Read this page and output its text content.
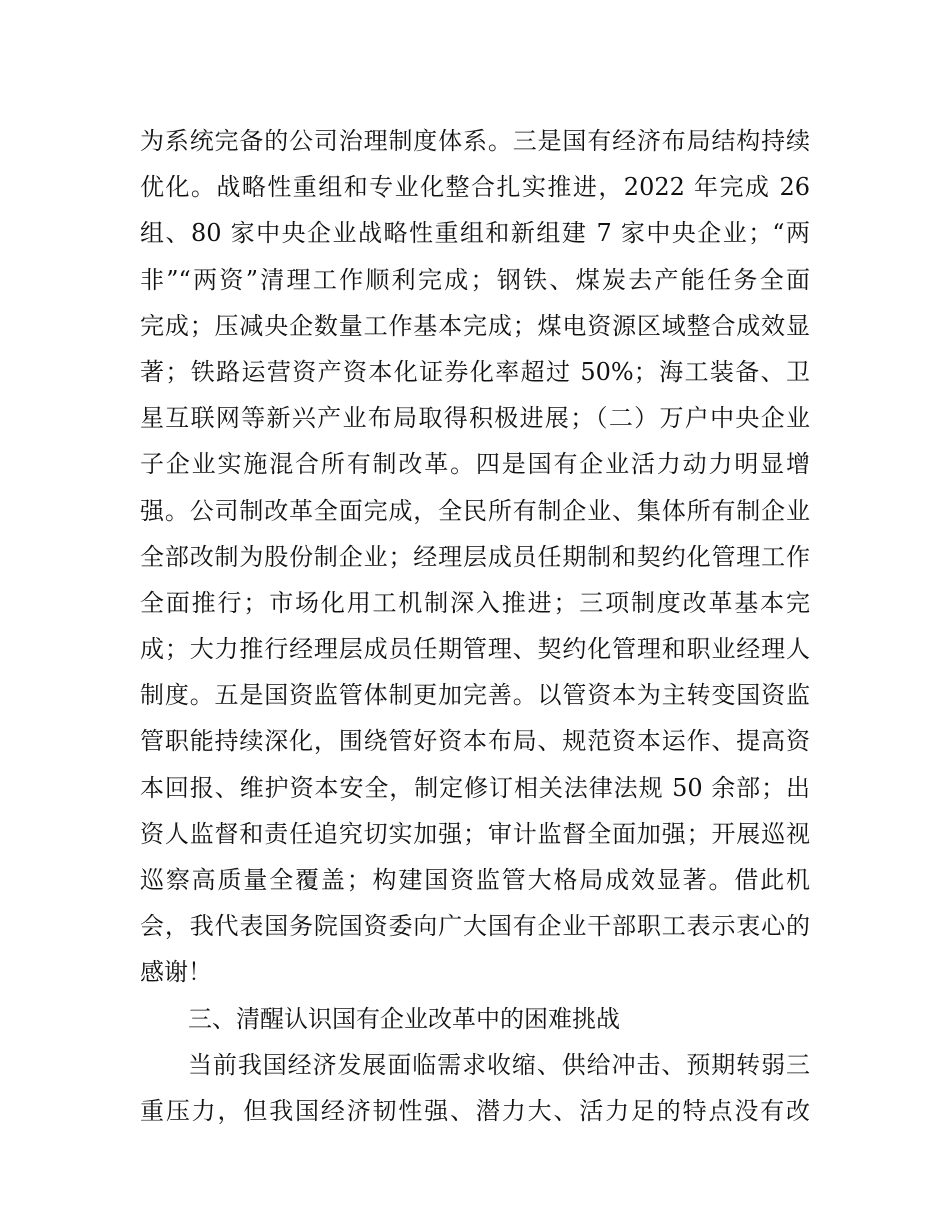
为系统完备的公司治理制度体系。三是国有经济布局结构持续
优化。战略性重组和专业化整合扎实推进，2022 年完成 26
组、80 家中央企业战略性重组和新组建 7 家中央企业；“两
非”“两资”清理工作顺利完成；钢铁、煤炭去产能任务全面
完成；压减央企数量工作基本完成；煤电资源区域整合成效显
著；铁路运营资产资本化证券化率超过 50%；海工装备、卫
星互联网等新兴产业布局取得积极进展；（二）万户中央企业
子企业实施混合所有制改革。四是国有企业活力动力明显增
强。公司制改革全面完成，全民所有制企业、集体所有制企业
全部改制为股份制企业；经理层成员任期制和契约化管理工作
全面推行；市场化用工机制深入推进；三项制度改革基本完
成；大力推行经理层成员任期管理、契约化管理和职业经理人
制度。五是国资监管体制更加完善。以管资本为主转变国资监
管职能持续深化，围绕管好资本布局、规范资本运作、提高资
本回报、维护资本安全，制定修订相关法律法规 50 余部；出
资人监督和责任追究切实加强；审计监督全面加强；开展巡视
巡察高质量全覆盖；构建国资监管大格局成效显著。借此机
会，我代表国务院国资委向广大国有企业干部职工表示衷心的
感谢！
三、清醒认识国有企业改革中的困难挑战
当前我国经济发展面临需求收缩、供给冲击、预期转弱三
重压力，但我国经济韧性强、潜力大、活力足的特点没有改
